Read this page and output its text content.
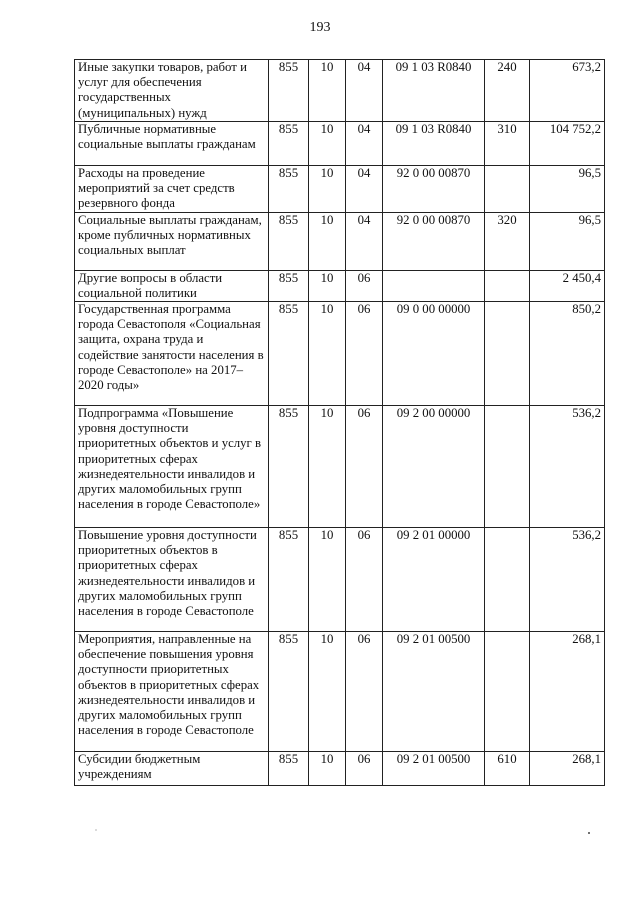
193
Иные закупки товаров, работ и услуг для обеспечения государственных (муниципальных) нужд	855	10	04	09 1 03 R0840	240	673,2
Публичные нормативные социальные выплаты гражданам	855	10	04	09 1 03 R0840	310	104 752,2
Расходы на проведение мероприятий за счет средств резервного фонда	855	10	04	92 0 00 00870		96,5
Социальные выплаты гражданам, кроме публичных нормативных социальных выплат	855	10	04	92 0 00 00870	320	96,5
Другие вопросы в области социальной политики	855	10	06			2 450,4
Государственная программа города Севастополя «Социальная защита, охрана труда и содействие занятости населения в городе Севастополе» на 2017–2020 годы»	855	10	06	09 0 00 00000		850,2
Подпрограмма «Повышение уровня доступности приоритетных объектов и услуг в приоритетных сферах жизнедеятельности инвалидов и других маломобильных групп населения в городе Севастополе»	855	10	06	09 2 00 00000		536,2
Повышение уровня доступности приоритетных объектов в приоритетных сферах жизнедеятельности инвалидов и других маломобильных групп населения в городе Севастополе	855	10	06	09 2 01 00000		536,2
Мероприятия, направленные на обеспечение повышения уровня доступности приоритетных объектов в приоритетных сферах жизнедеятельности инвалидов и других маломобильных групп населения в городе Севастополе	855	10	06	09 2 01 00500		268,1
Субсидии бюджетным учреждениям	855	10	06	09 2 01 00500	610	268,1
